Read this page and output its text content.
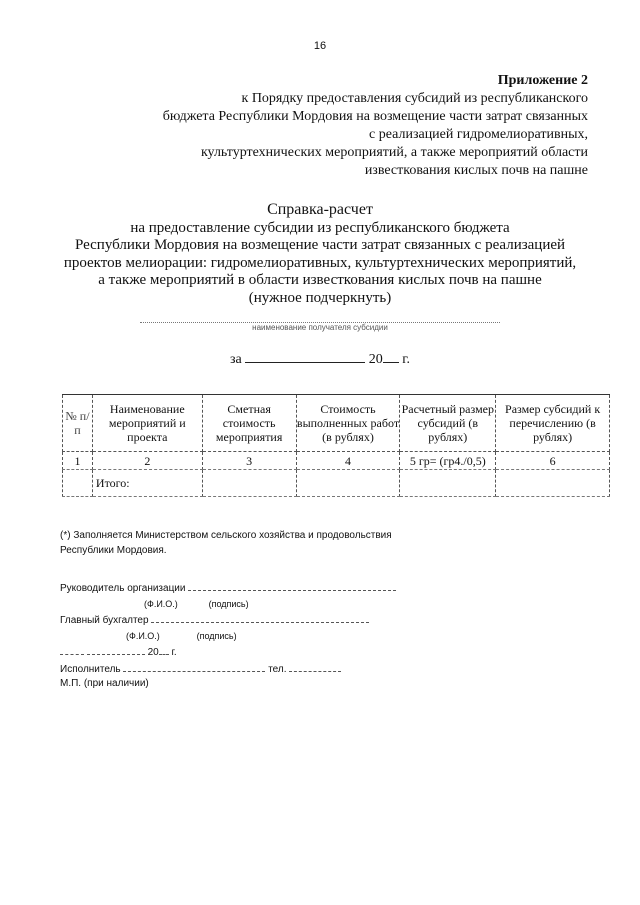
16
Приложение 2
к Порядку предоставления субсидий из республиканского
бюджета Республики Мордовия на возмещение части затрат связанных
с реализацией гидромелиоративных,
культуртехнических мероприятий, а также мероприятий области
известкования кислых почв на пашне
Справка-расчет
на предоставление субсидии из республиканского бюджета
Республики Мордовия на возмещение части затрат связанных с реализацией
проектов мелиорации: гидромелиоративных, культуртехнических мероприятий,
а также мероприятий в области известкования кислых почв на пашне
(нужное подчеркнуть)
наименование получателя субсидии
за	20 г.
№ п/п	Наименование мероприятий и проекта	Сметная стоимость мероприятия	Стоимость выполненных работ (в рублях)	Расчетный размер субсидий (в рублях)	Размер субсидий к перечислению (в рублях)
1	2	3	4	5 гр= (гр4./0,5)	6
	Итого:				
(*) Заполняется Министерством сельского хозяйства и продовольствия
Республики Мордовия.
Руководитель организации
(Ф.И.О.)	(подпись)
Главный бухгалтер
(Ф.И.О.)	(подпись)
20 г.
Исполнитель	тел.
М.П. (при наличии)
